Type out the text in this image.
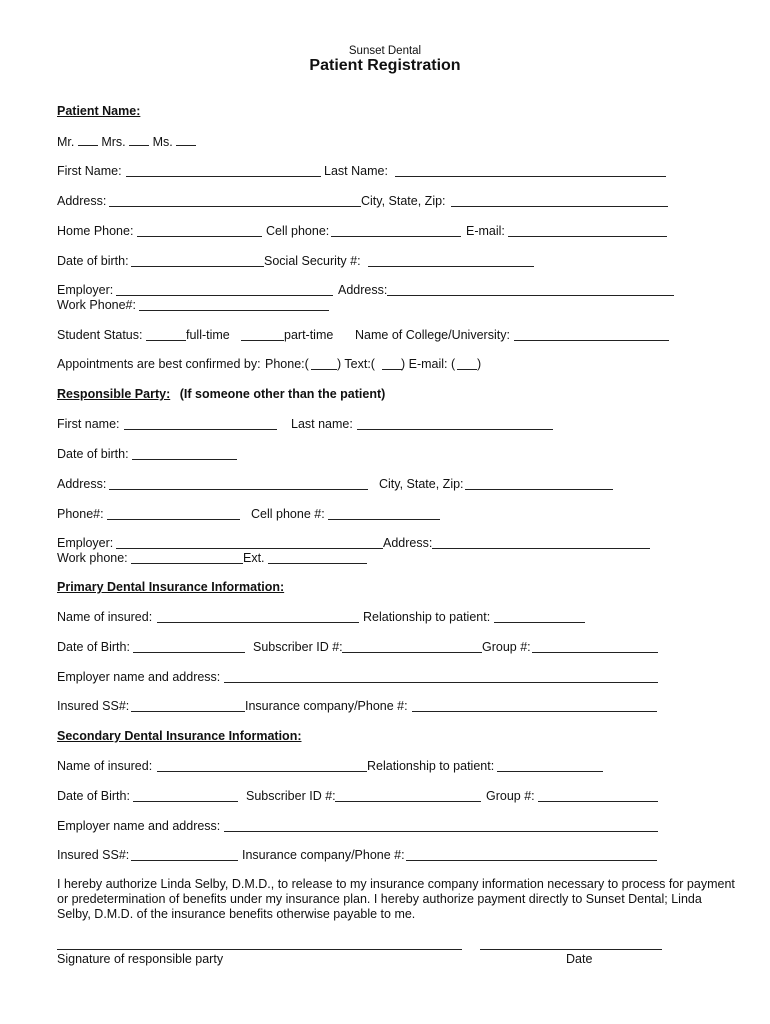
Sunset Dental
Patient Registration
Patient Name:
Mr. Mrs. Ms.
First Name:	Last Name:
Address:	City, State, Zip:
Home Phone:	Cell phone:	E-mail:
Date of birth:	Social Security #:
Employer:	Address:
Work Phone#:
Student Status:	full-time	part-time Name of College/University:
Appointments are best confirmed by: Phone:( ) Text:( ) E-mail: ( )
Responsible Party: (If someone other than the patient)
First name:	Last name:
Date of birth:
Address:	City, State, Zip:
Phone#:	Cell phone #:
Employer:	Address:
Work phone:	Ext.
Primary Dental Insurance Information:
Name of insured:	Relationship to patient:
Date of Birth:	Subscriber ID #:	Group #:
Employer name and address:
Insured SS#:	Insurance company/Phone #:
Secondary Dental Insurance Information:
Name of insured:	Relationship to patient:
Date of Birth:	Subscriber ID #:	Group #:
Employer name and address:
Insured SS#:	Insurance company/Phone #:
I hereby authorize Linda Selby, D.M.D., to release to my insurance company information necessary to process for payment or predetermination of benefits under my insurance plan. I hereby authorize payment directly to Sunset Dental; Linda Selby, D.M.D. of the insurance benefits otherwise payable to me.
Signature of responsible party	Date
